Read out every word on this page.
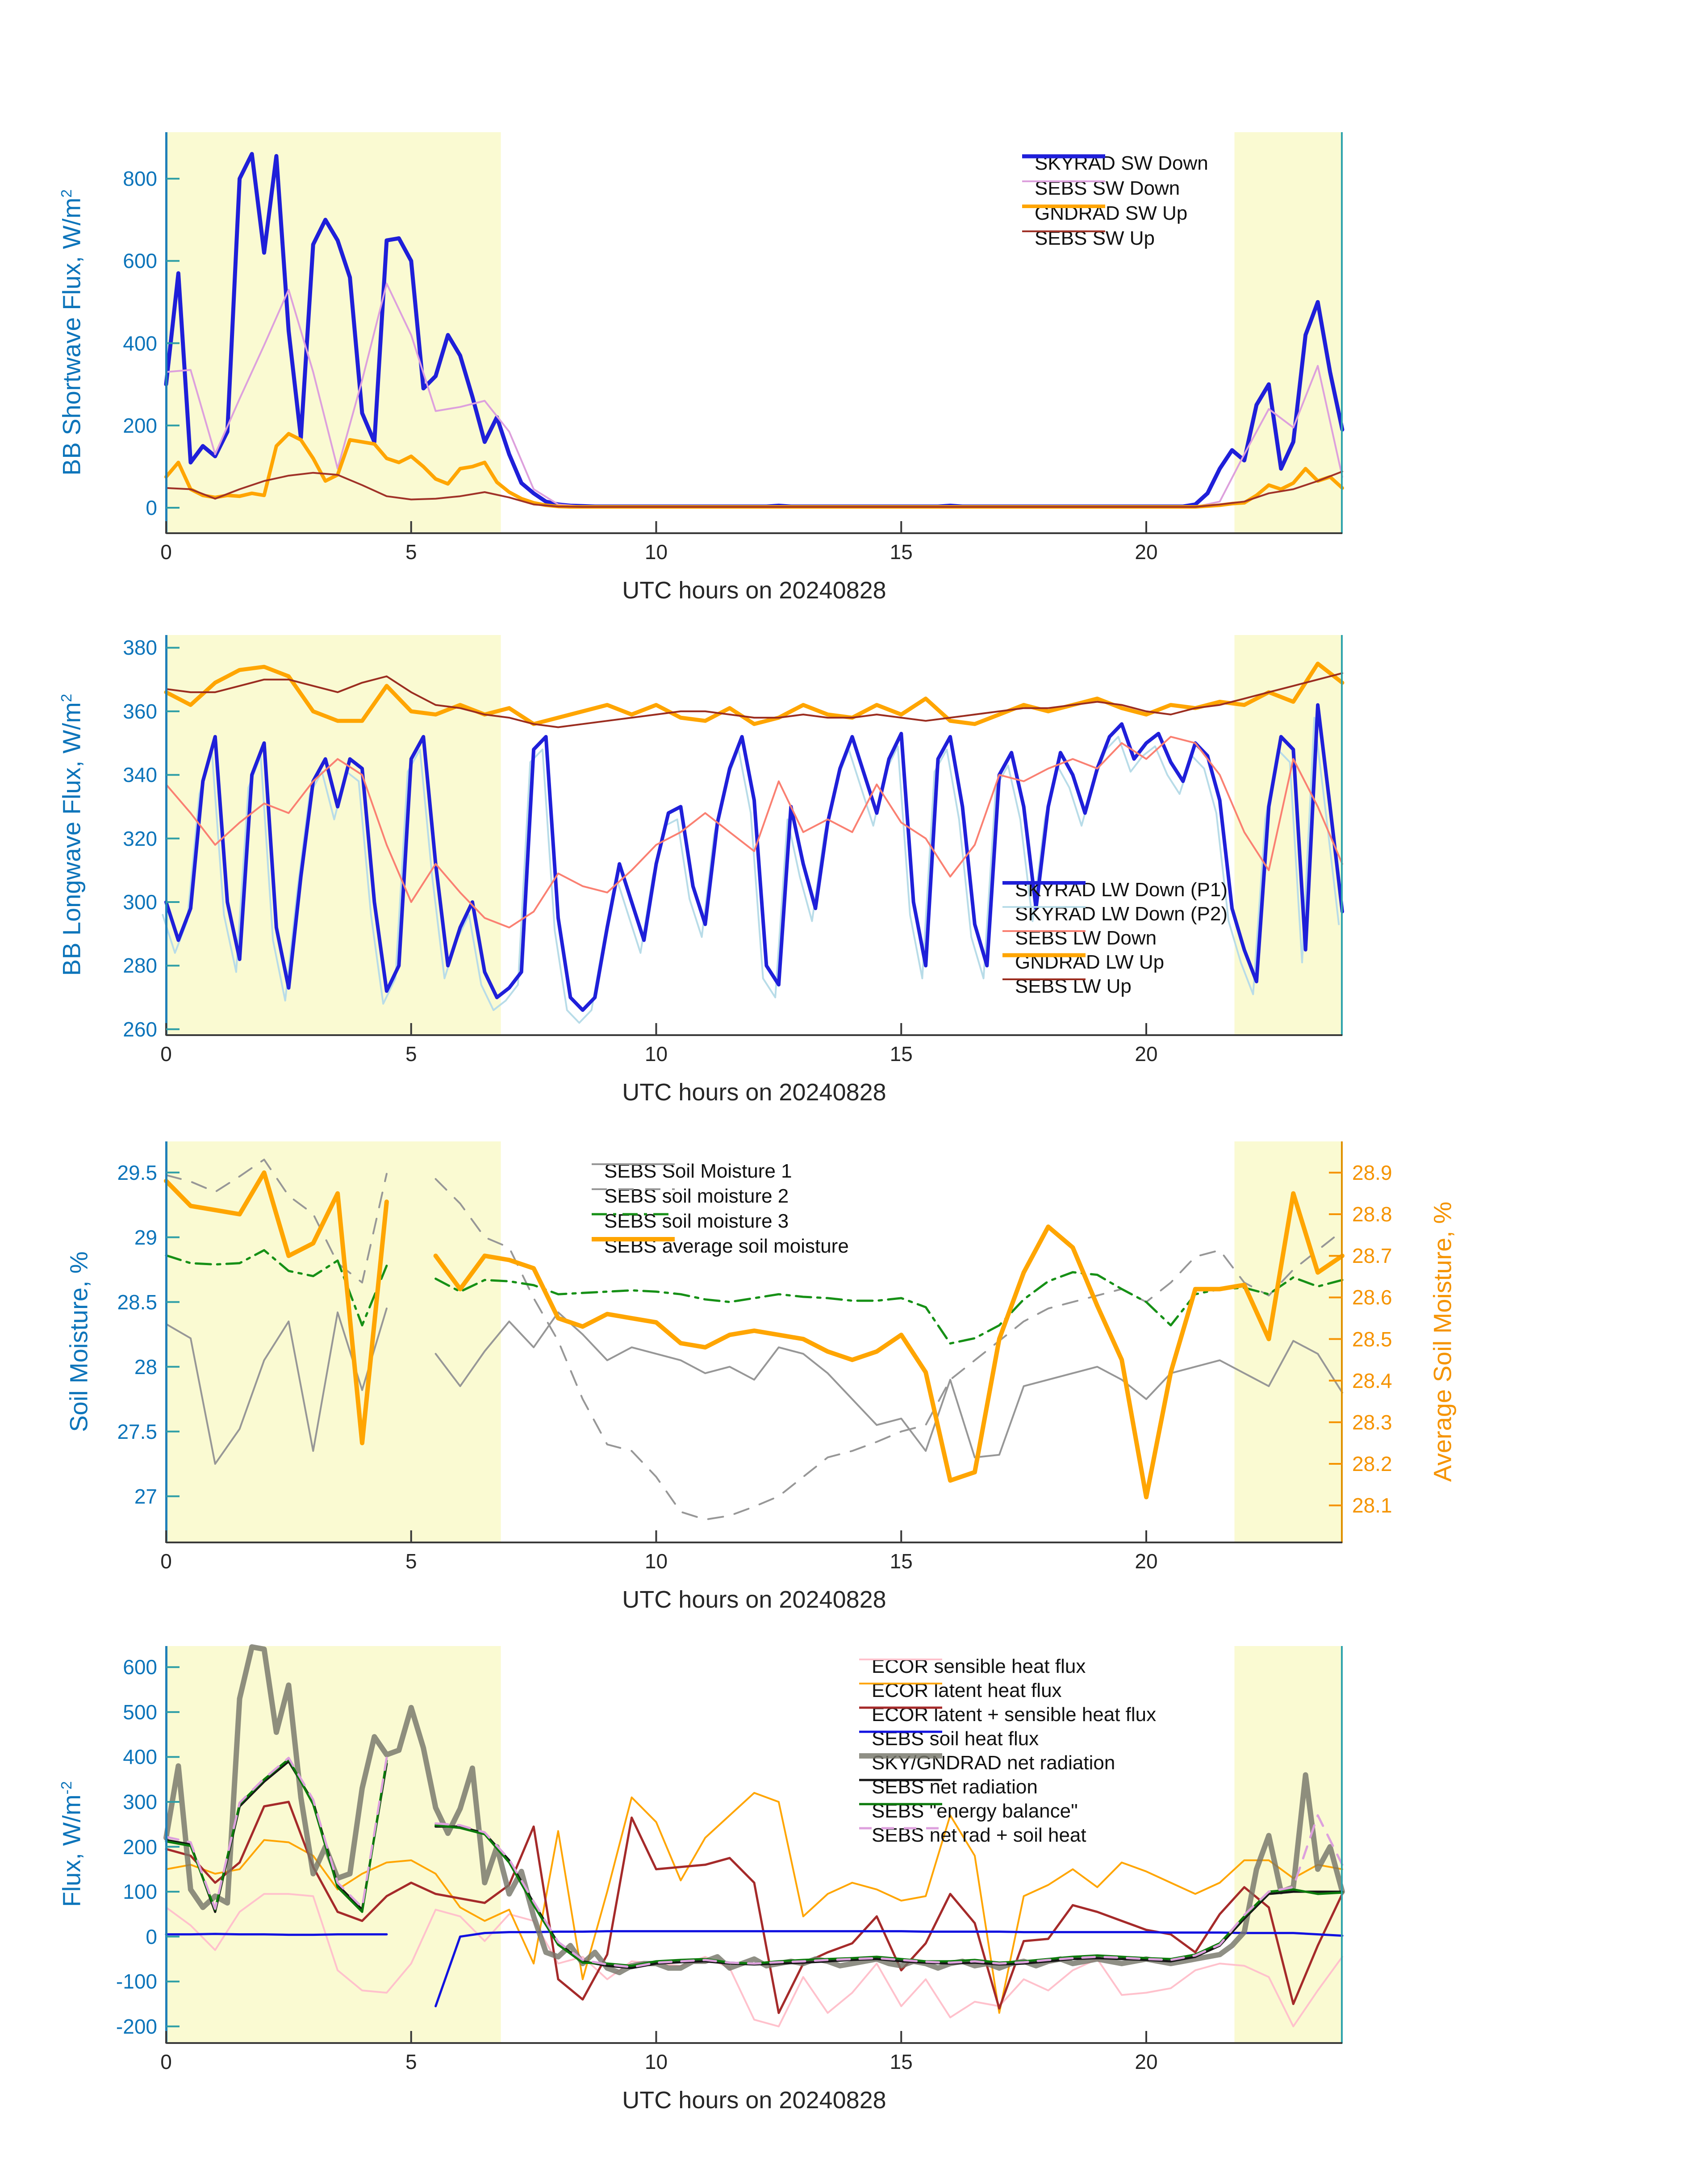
BB Shortwave Flux, $W/m^2$
UTC hours on 20240828
0	5	10	15	20
0
200
400
600
800
SKYRAD SW Down
SEBS SW Down
GNDRAD SW Up
SEBS SW Up
BB Longwave Flux, $W/m^2$
UTC hours on 20240828
0	5	10	15	20
260
280
300
320
340
360
380
SKYRAD LW Down (P1)
SKYRAD LW Down (P2)
SEBS LW Down
GNDRAD LW Up
SEBS LW Up
Soil Moisture, %	Average Soil Moisture, %
UTC hours on 20240828
0	5	10	15	20
27
27.5
28
28.5
29
29.5
28.1
28.2
28.3
28.4
28.5
28.6
28.7
28.8
28.9
SEBS Soil Moisture 1
SEBS soil moisture 2
SEBS soil moisture 3
SEBS average soil moisture
Flux, $W/m^{-2}$
UTC hours on 20240828
0	5	10	15	20
-200
-100
0
100
200
300
400
500
600	ECOR sensible heat flux
ECOR latent heat flux
ECOR latent + sensible heat flux
SEBS soil heat flux
SKY/GNDRAD net radiation
SEBS net radiation
SEBS "energy balance"
SEBS net rad + soil heat
